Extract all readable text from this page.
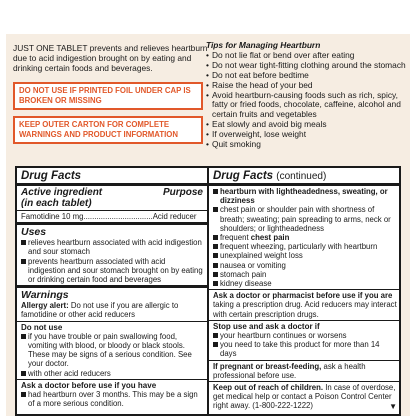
JUST ONE TABLET prevents and relieves heartburn due to acid indigestion brought on by eating and drinking certain foods and beverages.
DO NOT USE IF PRINTED FOIL UNDER CAP IS BROKEN OR MISSING
KEEP OUTER CARTON FOR COMPLETE WARNINGS AND PRODUCT INFORMATION
Tips for Managing Heartburn
• Do not lie flat or bend over after eating
• Do not wear tight-fitting clothing around the stomach
• Do not eat before bedtime
• Raise the head of your bed
• Avoid heartburn-causing foods such as rich, spicy, fatty or fried foods, chocolate, caffeine, alcohol and certain fruits and vegetables
• Eat slowly and avoid big meals
• If overweight, lose weight
• Quit smoking
Drug Facts
Active ingredient	Purpose
(in each tablet)
Famotidine 10 mg................................Acid reducer
Uses
relieves heartburn associated with acid indigestion and sour stomach
prevents heartburn associated with acid indigestion and sour stomach brought on by eating or drinking certain food and beverages
Warnings
Allergy alert: Do not use if you are allergic to famotidine or other acid reducers
Do not use
if you have trouble or pain swallowing food, vomiting with blood, or bloody or black stools. These may be signs of a serious condition. See your doctor.
with other acid reducers
Ask a doctor before use if you have
had heartburn over 3 months. This may be a sign of a more serious condition.
Drug Facts (continued)
heartburn with lightheadedness, sweating, or dizziness
chest pain or shoulder pain with shortness of breath; sweating; pain spreading to arms, neck or shoulders; or lightheadedness
frequent chest pain
frequent wheezing, particularly with heartburn
unexplained weight loss
nausea or vomiting
stomach pain
kidney disease
Ask a doctor or pharmacist before use if you are taking a prescription drug. Acid reducers may interact with certain prescription drugs.
Stop use and ask a doctor if
your heartburn continues or worsens
you need to take this product for more than 14 days
If pregnant or breast-feeding, ask a health professional before use.
Keep out of reach of children. In case of overdose, get medical help or contact a Poison Control Center right away. (1-800-222-1222)	▼
